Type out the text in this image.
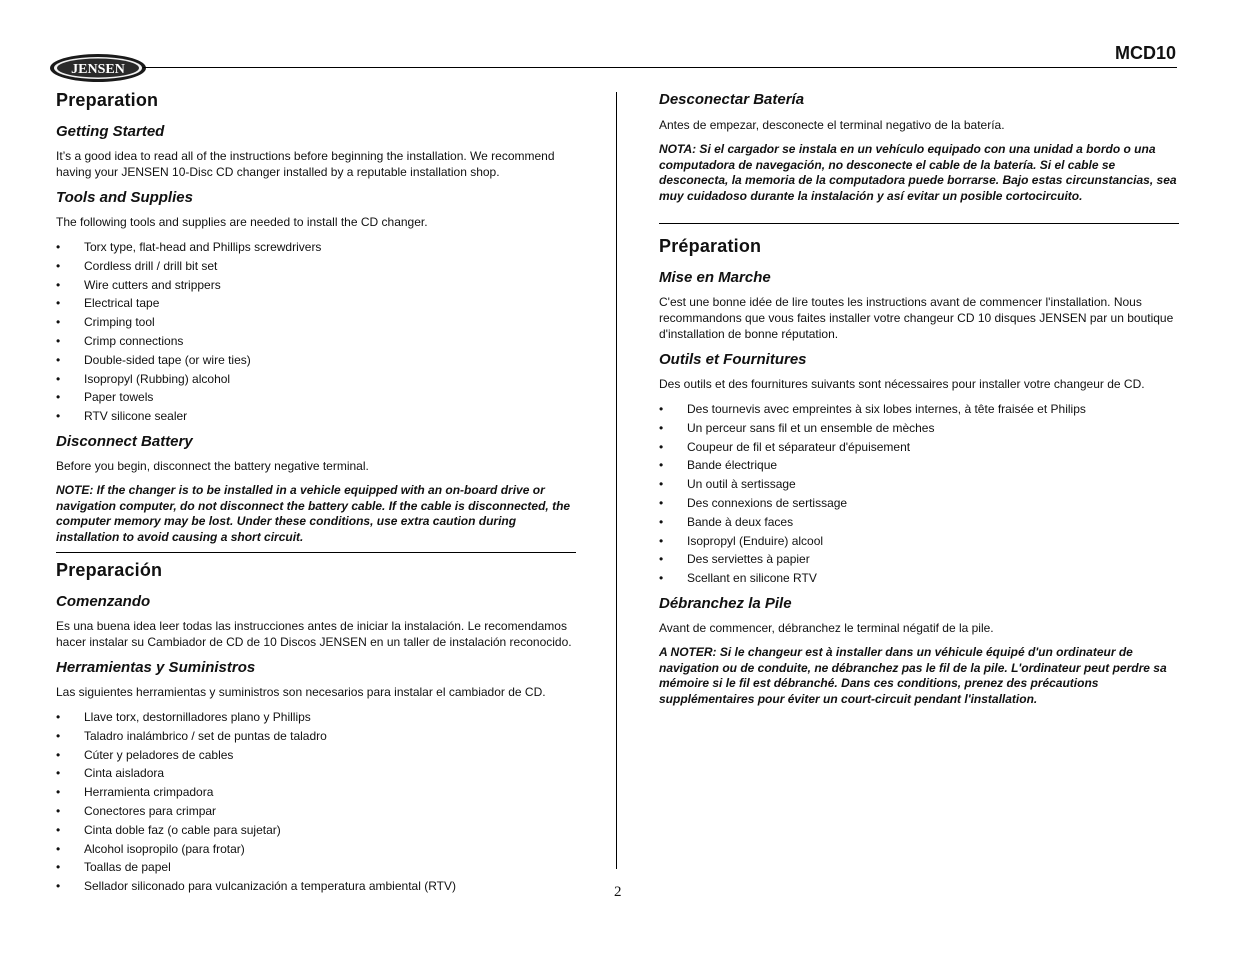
JENSEN
MCD10
Preparation
Getting Started

It’s a good idea to read all of the instructions before beginning the installation. We recommend having your JENSEN 10-Disc CD changer installed by a reputable installation shop.

Tools and Supplies

The following tools and supplies are needed to install the CD changer.

• Torx type, flat-head and Phillips screwdrivers
• Cordless drill / drill bit set
• Wire cutters and strippers
• Electrical tape
• Crimping tool
• Crimp connections
• Double-sided tape (or wire ties)
• Isopropyl (Rubbing) alcohol
• Paper towels
• RTV silicone sealer
Disconnect Battery

Before you begin, disconnect the battery negative terminal.

NOTE: If the changer is to be installed in a vehicle equipped with an on-board drive or navigation computer, do not disconnect the battery cable. If the cable is disconnected, the computer memory may be lost. Under these conditions, use extra caution during installation to avoid causing a short circuit.

Preparación
Comenzando

Es una buena idea leer todas las instrucciones antes de iniciar la instalación. Le recomendamos hacer instalar su Cambiador de CD de 10 Discos JENSEN en un taller de instalación reconocido.

Herramientas y Suministros

Las siguientes herramientas y suministros son necesarios para instalar el cambiador de CD.

• Llave torx, destornilladores plano y Phillips
• Taladro inalámbrico / set de puntas de taladro
• Cúter y peladores de cables
• Cinta aisladora
• Herramienta crimpadora
• Conectores para crimpar
• Cinta doble faz (o cable para sujetar)
• Alcohol isopropilo (para frotar)
• Toallas de papel
• Sellador siliconado para vulcanización a temperatura ambiental (RTV)
Desconectar Batería

Antes de empezar, desconecte el terminal negativo de la batería.

NOTA: Si el cargador se instala en un vehículo equipado con una unidad a bordo o una computadora de navegación, no desconecte el cable de la batería. Si el cable se desconecta, la memoria de la computadora puede borrarse. Bajo estas circunstancias, sea muy cuidadoso durante la instalación y así evitar un posible cortocircuito.

Préparation
Mise en Marche

C'est une bonne idée de lire toutes les instructions avant de commencer l'installation. Nous recommandons que vous faites installer votre changeur CD 10 disques JENSEN par un boutique d'installation de bonne réputation.

Outils et Fournitures

Des outils et des fournitures suivants sont nécessaires pour installer votre changeur de CD.

• Des tournevis avec empreintes à six lobes internes, à tête fraisée et Philips
• Un perceur sans fil et un ensemble de mèches
• Coupeur de fil et séparateur d'épuisement
• Bande électrique
• Un outil à sertissage
• Des connexions de sertissage
• Bande à deux faces
• Isopropyl (Enduire) alcool
• Des serviettes à papier
• Scellant en silicone RTV
Débranchez la Pile

Avant de commencer, débranchez le terminal négatif de la pile.

A NOTER: Si le changeur est à installer dans un véhicule équipé d'un ordinateur de navigation ou de conduite, ne débranchez pas le fil de la pile. L'ordinateur peut perdre sa mémoire si le fil est débranché. Dans ces conditions, prenez des précautions supplémentaires pour éviter un court-circuit pendant l'installation.

2
